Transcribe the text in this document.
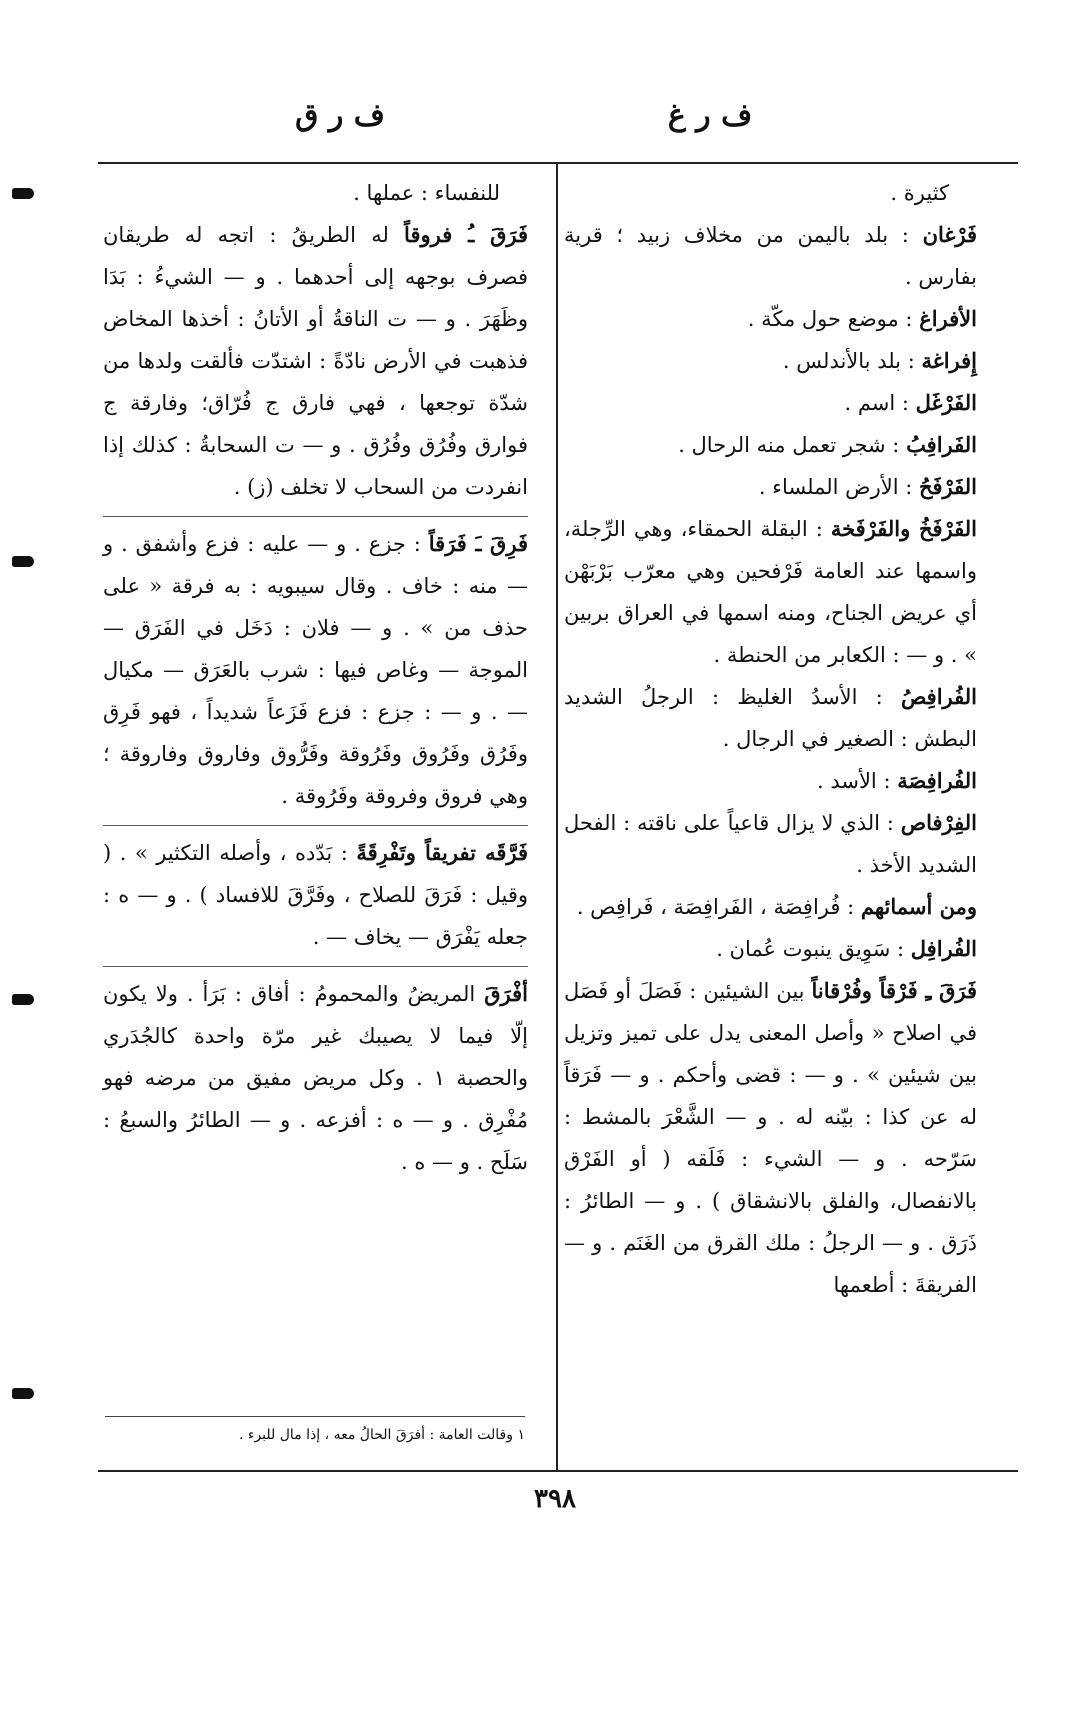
ف ر غ
ف ر ق

كثيرة .

فَرْغان : بلد باليمن من مخلاف زبيد ؛ قرية بفارس .

الأفراغ : موضع حول مكّة .

إِفراغة : بلد بالأندلس .

الفَرْغَل : اسم .

الفَرافِبُ : شجر تعمل منه الرحال .

الفَرْفَحُ : الأرض الملساء .

الفَرْفَخُ والفَرْفَخة : البقلة الحمقاء، وهي الرِّجلة، واسمها عند العامة فَرْفحين وهي معرّب بَرْبَهْن أي عريض الجناح، ومنه اسمها في العراق بربين » . و — : الكعابر من الحنطة .

الفُرافِصُ : الأسدُ الغليظ : الرجلُ الشديد البطش : الصغير في الرجال .

الفُرافِصَة : الأسد .

الفِرْفاص : الذي لا يزال قاعياً على ناقته : الفحل الشديد الأخذ .

ومن أسمائهم : فُرافِصَة ، الفَرافِصَة ، فَرافِص .

الفُرافِل : سَوِيق ينبوت عُمان .

فَرَقَ ـِ فَرْقاً وفُرْقاناً بين الشيئين : فَصَلَ أو فَصَل في اصلاح « وأصل المعنى يدل على تميز وتزيل بين شيئين » . و — : قضى وأحكم . و — فَرَقاً له عن كذا : بيّنه له . و — الشَّعْرَ بالمشط : سَرّحه . و — الشيء : فَلَقه ( أو الفَرْق بالانفصال، والفلق بالانشقاق ) . و — الطائرُ : ذَرَق . و — الرجلُ : ملك القرق من الغَنَم . و — الفريقةَ : أطعمها

للنفساء : عملها .

فَرَقَ ـُ فروقاً له الطريقُ : اتجه له طريقان فصرف بوجهه إلى أحدهما . و — الشيءُ : بَدَا وظَهَرَ . و — ت الناقةُ أو الأتانُ : أخذها المخاض فذهبت في الأرض نادّةً : اشتدّت فألقت ولدها من شدّة توجعها ، فهي فارق ج فُرّاق؛ وفارقة ج فوارق وفُرُق وفُرُق . و — ت السحابةُ : كذلك إذا انفردت من السحاب لا تخلف (ز) .

فَرِقَ ـَ فَرَقاً : جزع . و — عليه : فزع وأشفق . و — منه : خاف . وقال سيبويه : به فرقة « على حذف من » . و — فلان : دَخَل في الفَرَق — الموجة — وغاص فيها : شرب بالعَرَق — مكيال — . و — : جزع : فزع فَزَعاً شديداً ، فهو فَرِق وفَرُق وفَرُوق وفَرُوقة وفَرُّوق وفاروق وفاروقة ؛ وهي فروق وفروقة وفَرُوقة .

فَرَّقَه تفريقاً وتَفْرِقَةً : بَدّده ، وأصله التكثير » . ( وقيل : فَرَقَ للصلاح ، وفَرَّقَ للافساد ) . و — ه : جعله يَفْرَق — يخاف — .

أفْرَقَ المريضُ والمحمومُ : أفاق : بَرَأ . ولا يكون إلّا فيما لا يصيبك غير مرّة واحدة كالجُدَري والحصبة ١ . وكل مريض مفيق من مرضه فهو مُفْرِق . و — ه : أفزعه . و — الطائرُ والسبعُ : سَلَح . و — ه .

١ وقالت العامة : أفرَقَ الحالُ معه ، إذا مال للبرء .
٣٩٨
